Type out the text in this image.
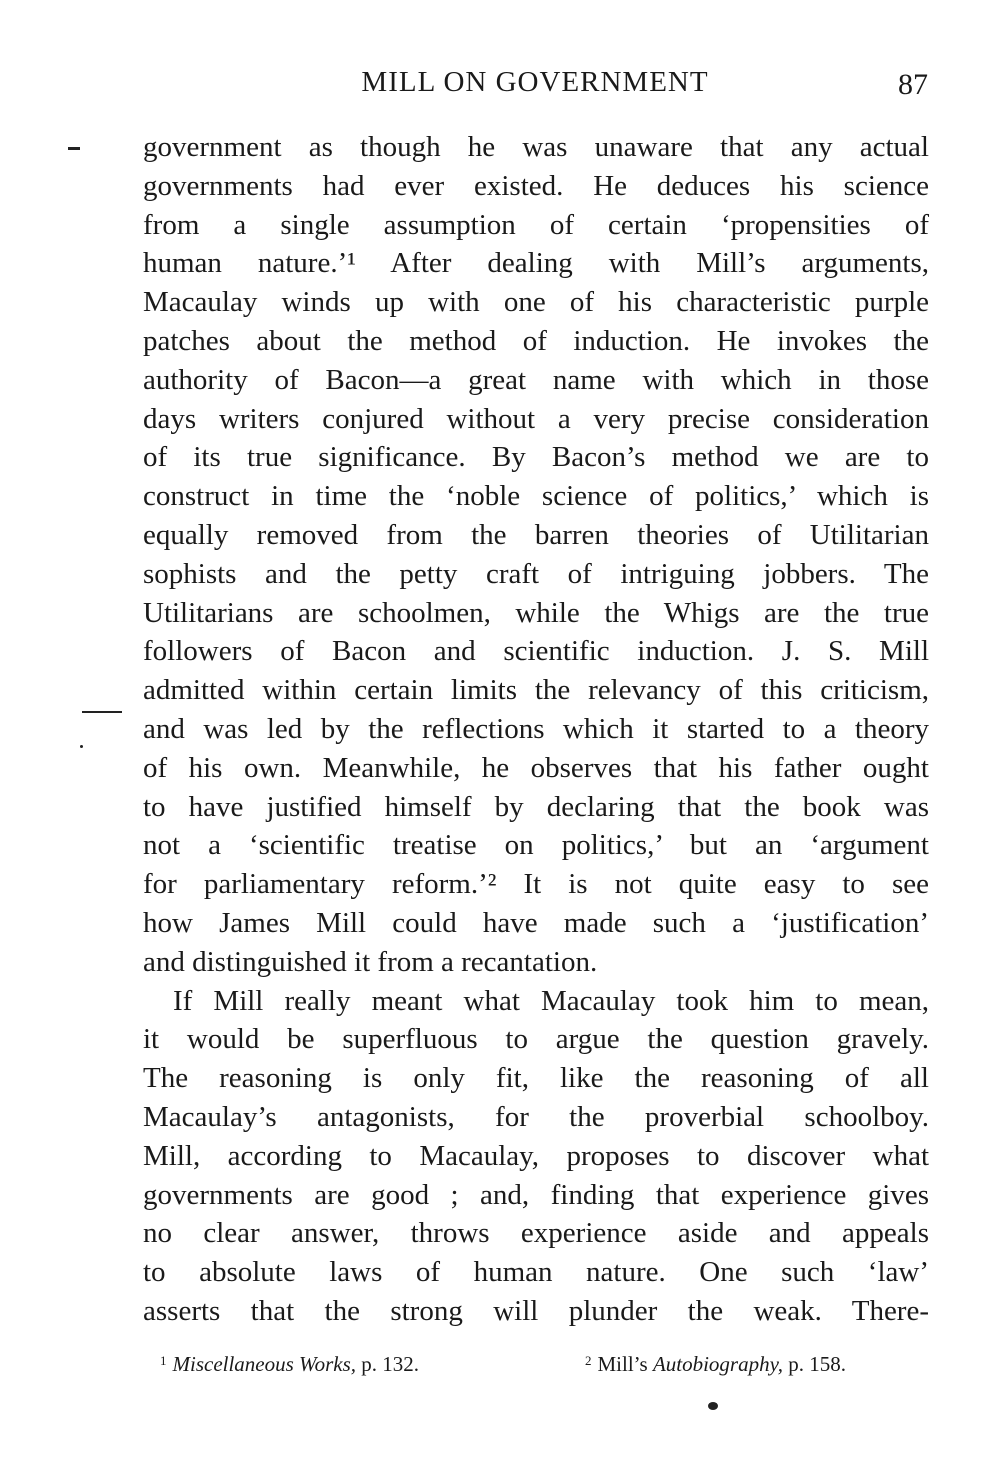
MILL ON GOVERNMENT	87
government as though he was unaware that any actual
governments had ever existed. He deduces his science
from a single assumption of certain ‘propensities of
human nature.’¹ After dealing with Mill’s arguments,
Macaulay winds up with one of his characteristic purple
patches about the method of induction. He invokes the
authority of Bacon—a great name with which in those
days writers conjured without a very precise consideration
of its true significance. By Bacon’s method we are to
construct in time the ‘noble science of politics,’ which is
equally removed from the barren theories of Utilitarian
sophists and the petty craft of intriguing jobbers. The
Utilitarians are schoolmen, while the Whigs are the true
followers of Bacon and scientific induction. J. S. Mill
admitted within certain limits the relevancy of this criticism,
and was led by the reflections which it started to a theory
of his own. Meanwhile, he observes that his father ought
to have justified himself by declaring that the book was
not a ‘scientific treatise on politics,’ but an ‘argument
for parliamentary reform.’² It is not quite easy to see
how James Mill could have made such a ‘justification’
and distinguished it from a recantation.
If Mill really meant what Macaulay took him to mean,
it would be superfluous to argue the question gravely.
The reasoning is only fit, like the reasoning of all
Macaulay’s antagonists, for the proverbial schoolboy.
Mill, according to Macaulay, proposes to discover what
governments are good ; and, finding that experience gives
no clear answer, throws experience aside and appeals
to absolute laws of human nature. One such ‘law’
asserts that the strong will plunder the weak. There-
$^1$ Miscellaneous Works, p. 132.	$^2$ Mill’s Autobiography, p. 158.
